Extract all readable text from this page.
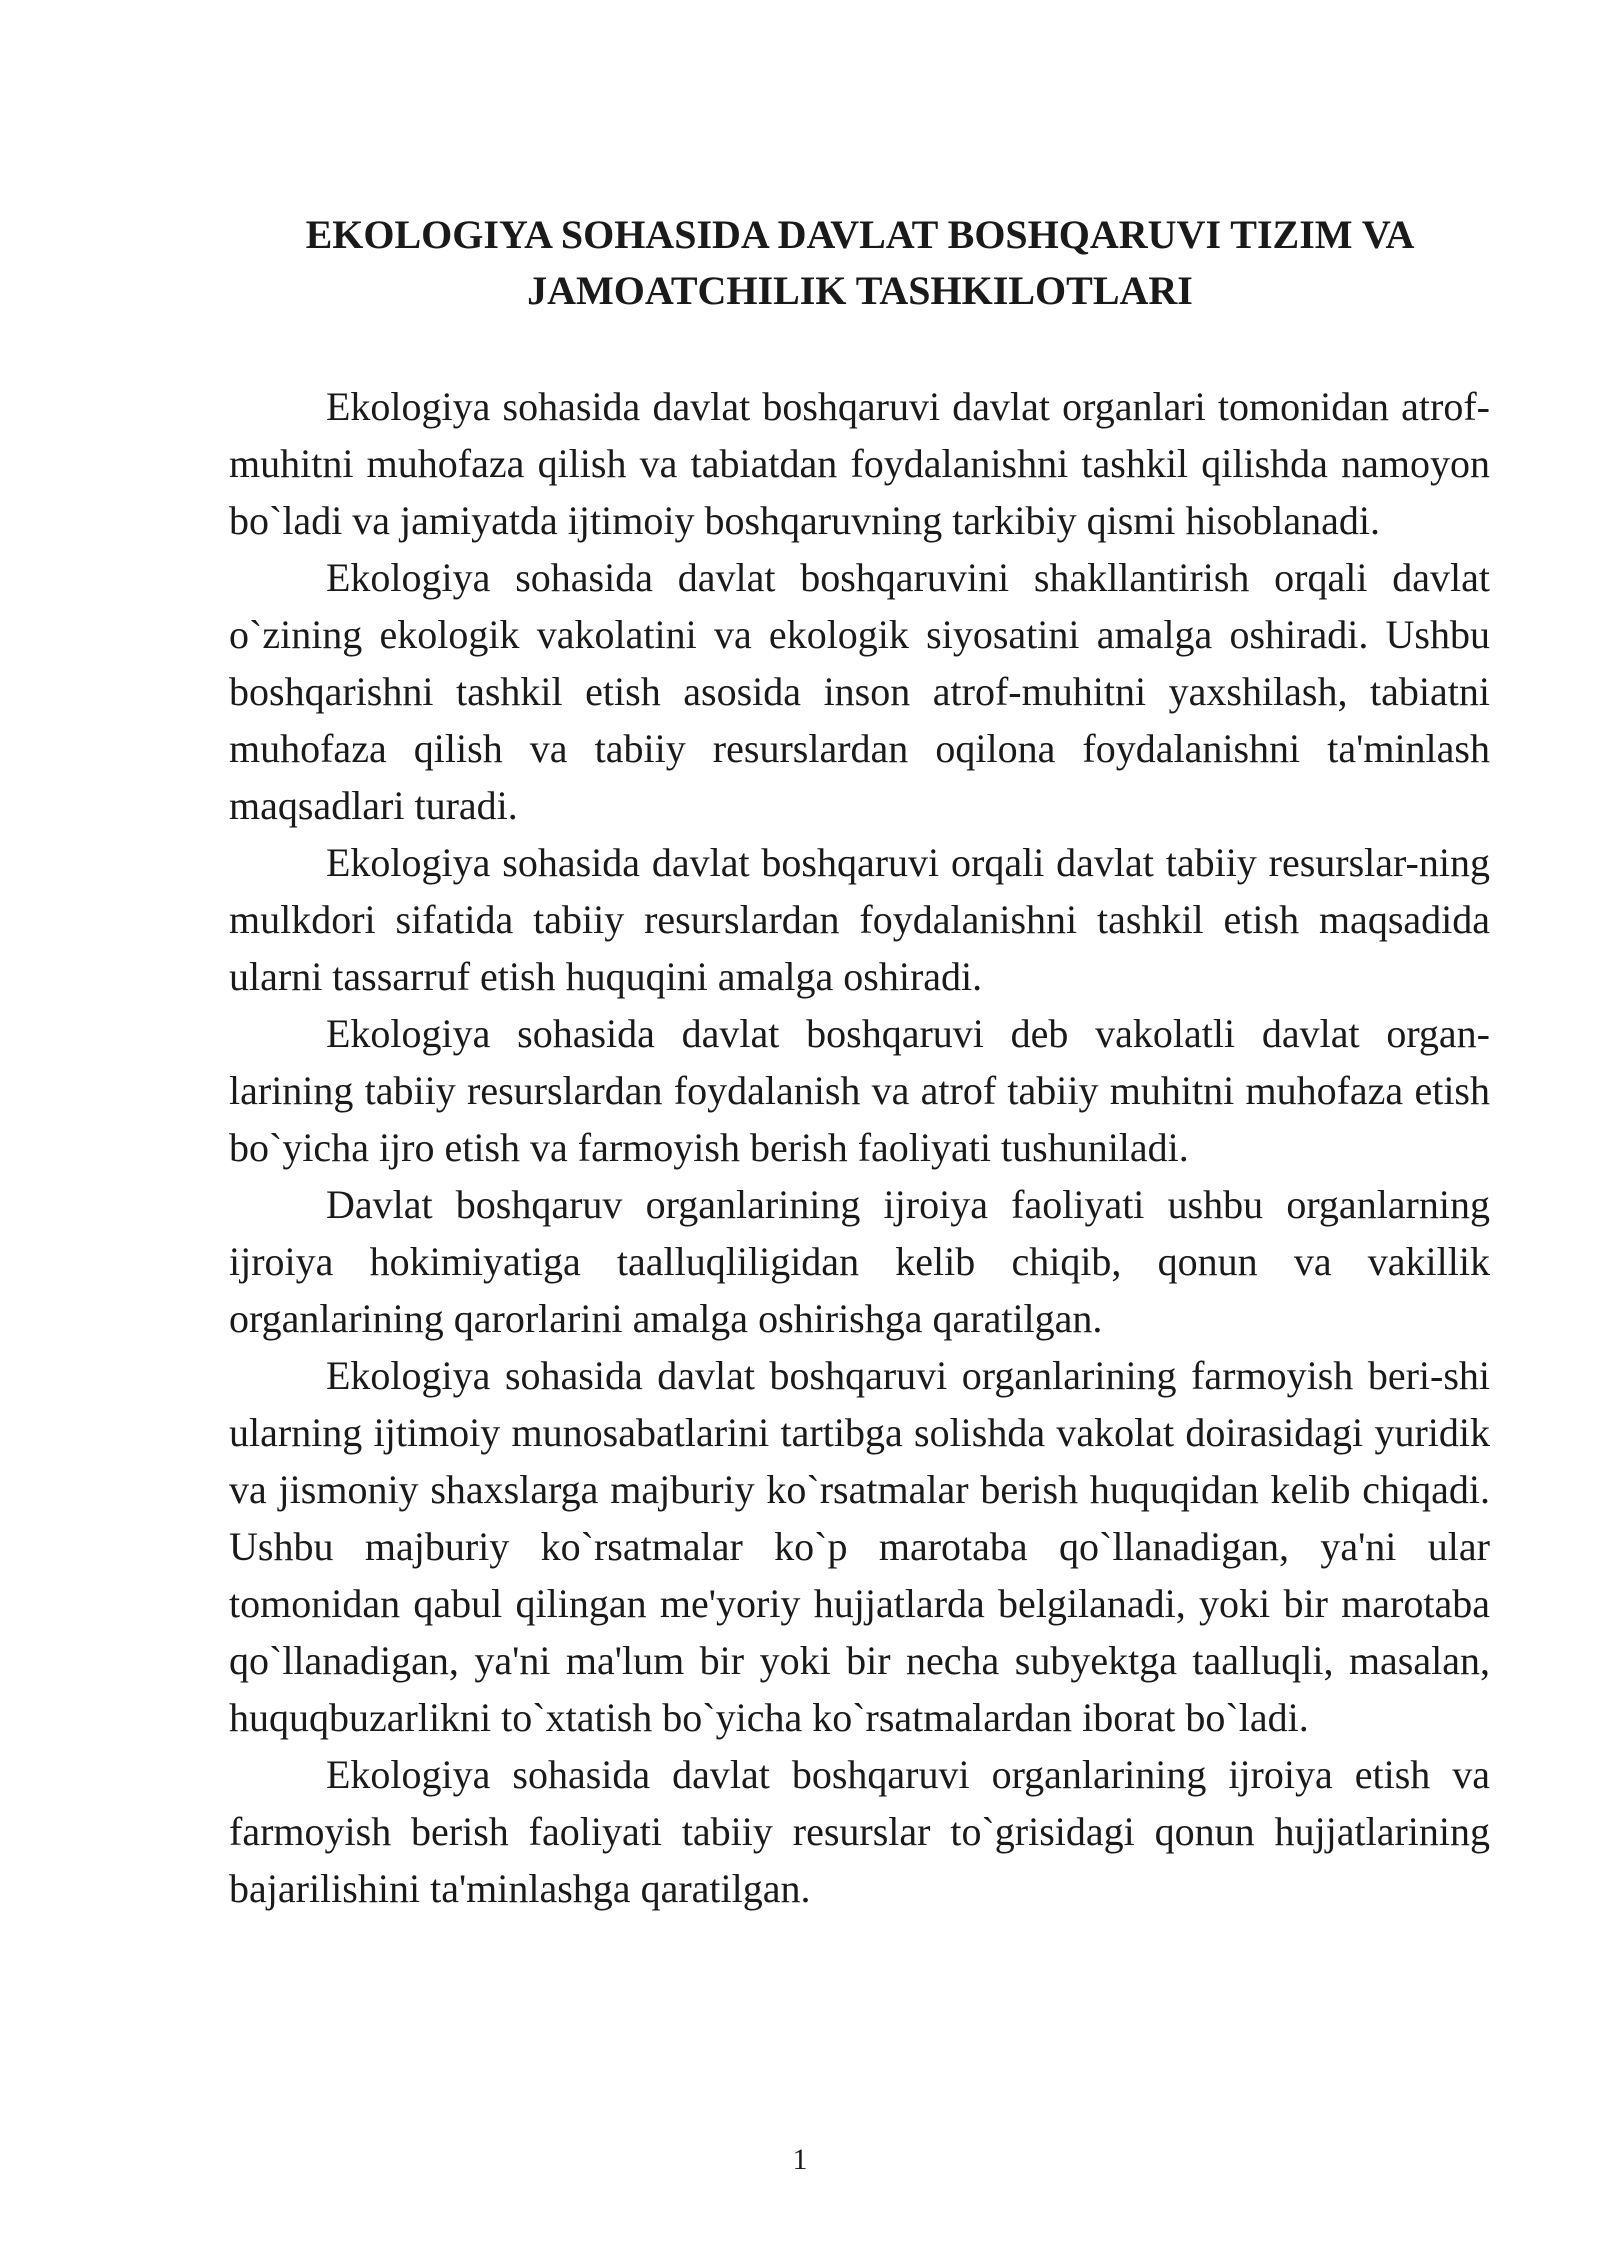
EKOLOGIYA SOHASIDA DAVLAT BOSHQARUVI TIZIM VA
JAMOATCHILIK TASHKILOTLARI

Ekologiya sohasida davlat boshqaruvi davlat organlari tomonidan atrof-muhitni muhofaza qilish va tabiatdan foydalanishni tashkil qilishda namoyon bo`ladi va jamiyatda ijtimoiy boshqaruvning tarkibiy qismi hisoblanadi.

Ekologiya sohasida davlat boshqaruvini shakllantirish orqali davlat o`zining ekologik vakolatini va ekologik siyosatini amalga oshiradi. Ushbu boshqarishni tashkil etish asosida inson atrof-muhitni yaxshilash, tabiatni muhofaza qilish va tabiiy resurslardan oqilona foydalanishni ta'minlash maqsadlari turadi.

Ekologiya sohasida davlat boshqaruvi orqali davlat tabiiy resurslar-ning mulkdori sifatida tabiiy resurslardan foydalanishni tashkil etish maqsadida ularni tassarruf etish huquqini amalga oshiradi.

Ekologiya sohasida davlat boshqaruvi deb vakolatli davlat organ-larining tabiiy resurslardan foydalanish va atrof tabiiy muhitni muhofaza etish bo`yicha ijro etish va farmoyish berish faoliyati tushuniladi.

Davlat boshqaruv organlarining ijroiya faoliyati ushbu organlarning ijroiya hokimiyatiga taalluqliligidan kelib chiqib, qonun va vakillik organlarining qarorlarini amalga oshirishga qaratilgan.

Ekologiya sohasida davlat boshqaruvi organlarining farmoyish beri-shi ularning ijtimoiy munosabatlarini tartibga solishda vakolat doirasidagi yuridik va jismoniy shaxslarga majburiy ko`rsatmalar berish huquqidan kelib chiqadi. Ushbu majburiy ko`rsatmalar ko`p marotaba qo`llanadigan, ya'ni ular tomonidan qabul qilingan me'yoriy hujjatlarda belgilanadi, yoki bir marotaba qo`llanadigan, ya'ni ma'lum bir yoki bir necha subyektga taalluqli, masalan, huquqbuzarlikni to`xtatish bo`yicha ko`rsatmalardan iborat bo`ladi.

Ekologiya sohasida davlat boshqaruvi organlarining ijroiya etish va farmoyish berish faoliyati tabiiy resurslar to`grisidagi qonun hujjatlarining bajarilishini ta'minlashga qaratilgan.

1
